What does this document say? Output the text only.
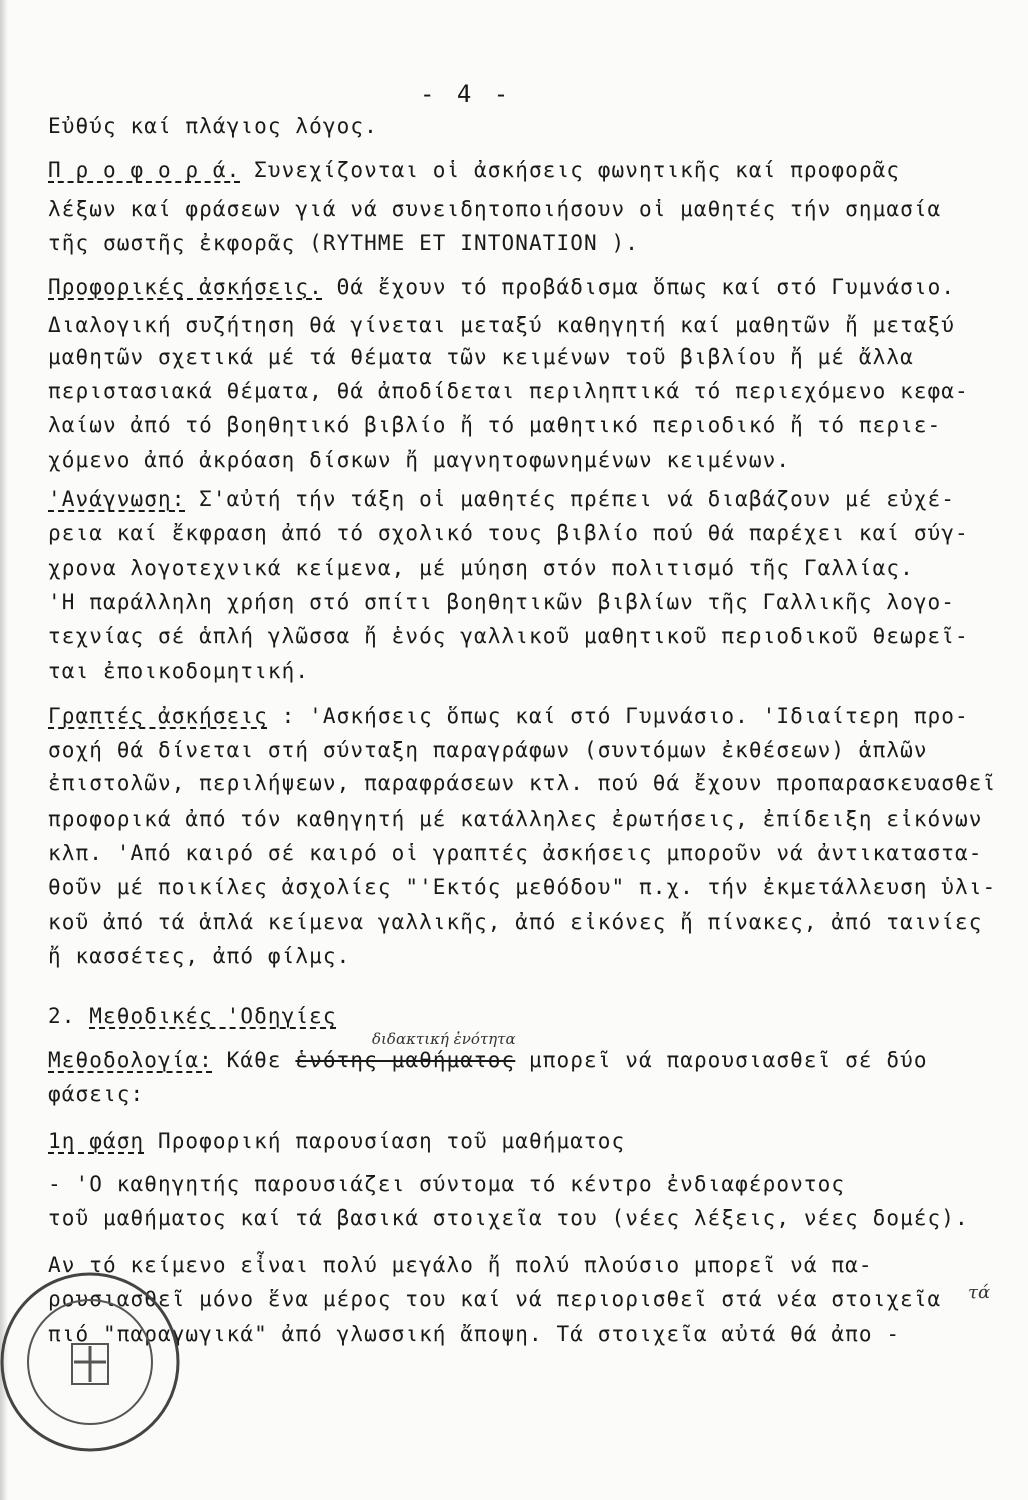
- 4 -
Εὐθύς καί πλάγιος λόγος.
Π ρ ο φ ο ρ ά. Συνεχίζονται οἱ ἀσκήσεις φωνητικῆς καί προφορᾶς
λέξων καί φράσεων γιά νά συνειδητοποιήσουν οἱ μαθητές τήν σημασία
τῆς σωστῆς ἐκφορᾶς (RYTHME ET INTONATION ).
Προφορικές ἀσκήσεις. Θά ἔχουν τό προβάδισμα ὅπως καί στό Γυμνάσιο.
Διαλογική συζήτηση θά γίνεται μεταξύ καθηγητή καί μαθητῶν ἤ μεταξύ
μαθητῶν σχετικά μέ τά θέματα τῶν κειμένων τοῦ βιβλίου ἤ μέ ἄλλα
περιστασιακά θέματα, θά ἀποδίδεται περιληπτικά τό περιεχόμενο κεφα-
λαίων ἀπό τό βοηθητικό βιβλίο ἤ τό μαθητικό περιοδικό ἤ τό περιε-
χόμενο ἀπό ἀκρόαση δίσκων ἤ μαγνητοφωνημένων κειμένων.
'Ανάγνωση: Σ'αὐτή τήν τάξη οἱ μαθητές πρέπει νά διαβάζουν μέ εὐχέ-
ρεια καί ἔκφραση ἀπό τό σχολικό τους βιβλίο πού θά παρέχει καί σύγ-
χρονα λογοτεχνικά κείμενα, μέ μύηση στόν πολιτισμό τῆς Γαλλίας.
'Η παράλληλη χρήση στό σπίτι βοηθητικῶν βιβλίων τῆς Γαλλικῆς λογο-
τεχνίας σέ ἁπλή γλῶσσα ἤ ἑνός γαλλικοῦ μαθητικοῦ περιοδικοῦ θεωρεῖ-
ται ἐποικοδομητική.
Γραπτές ἀσκήσεις : 'Ασκήσεις ὅπως καί στό Γυμνάσιο. 'Ιδιαίτερη προ-
σοχή θά δίνεται στή σύνταξη παραγράφων (συντόμων ἐκθέσεων) ἁπλῶν
ἐπιστολῶν, περιλήψεων, παραφράσεων κτλ. πού θά ἔχουν προπαρασκευασθεῖ
προφορικά ἀπό τόν καθηγητή μέ κατάλληλες ἐρωτήσεις, ἐπίδειξη εἰκόνων
κλπ. 'Από καιρό σέ καιρό οἱ γραπτές ἀσκήσεις μποροῦν νά ἀντικαταστα-
θοῦν μέ ποικίλες ἀσχολίες "'Εκτός μεθόδου" π.χ. τήν ἐκμετάλλευση ὑλι-
κοῦ ἀπό τά ἁπλά κείμενα γαλλικῆς, ἀπό εἰκόνες ἤ πίνακες, ἀπό ταινίες
ἤ κασσέτες, ἀπό φίλμς.
2. Μεθοδικές 'Οδηγίες
διδακτική ἑνότητα
Μεθοδολογία: Κάθε ἑνότης μαθήματος μπορεῖ νά παρουσιασθεῖ σέ δύο
φάσεις:
1η φάση Προφορική παρουσίαση τοῦ μαθήματος
- 'Ο καθηγητής παρουσιάζει σύντομα τό κέντρο ἐνδιαφέροντος
τοῦ μαθήματος καί τά βασικά στοιχεῖα του (νέες λέξεις, νέες δομές).
Αν τό κείμενο εἶναι πολύ μεγάλο ἤ πολύ πλούσιο μπορεῖ νά πα-
ρουσιασθεῖ μόνο ἕνα μέρος του καί νά περιορισθεῖ στά νέα στοιχεῖα τά
πιό "παραγωγικά" ἀπό γλωσσική ἄποψη. Τά στοιχεῖα αὐτά θά ἀπο -
